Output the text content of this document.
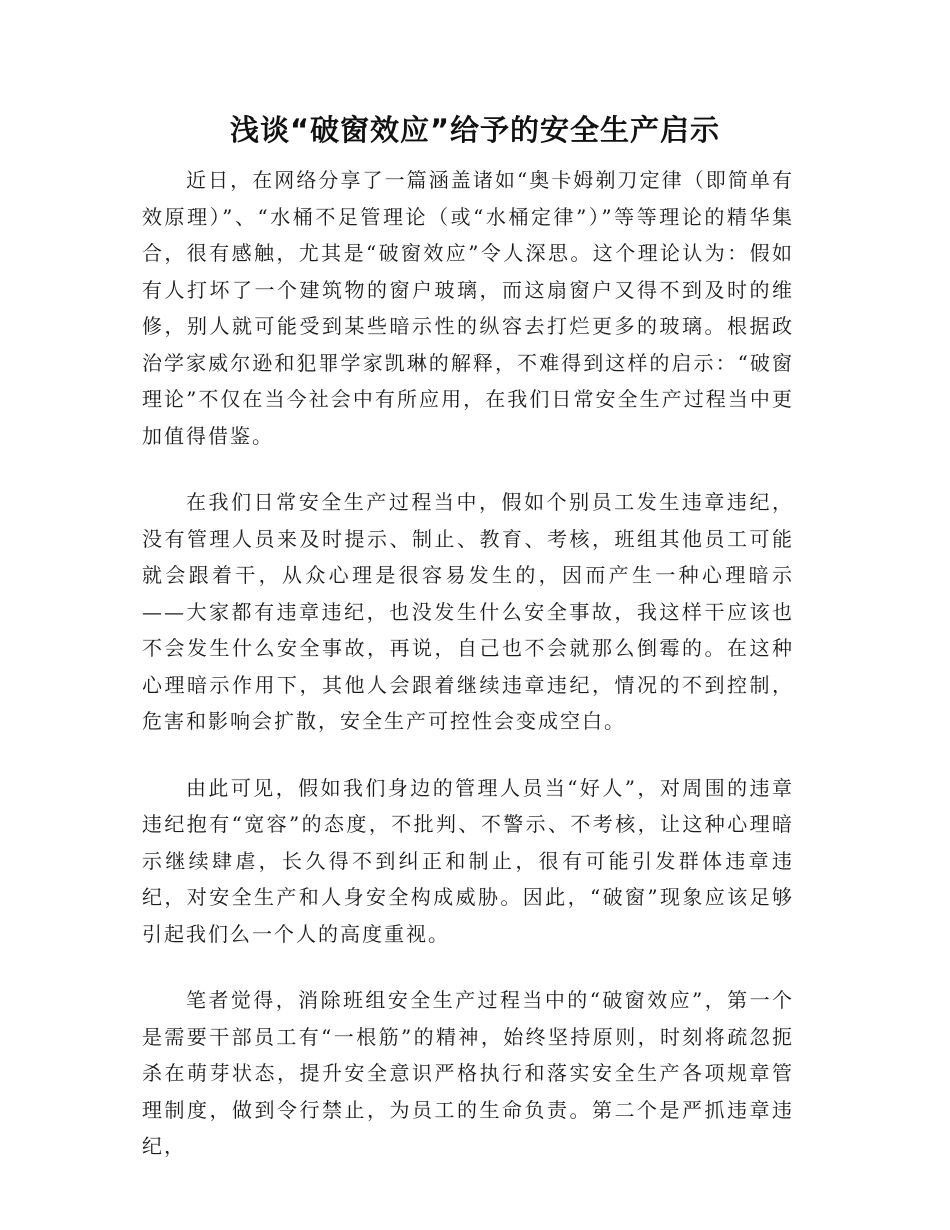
浅谈“破窗效应”给予的安全生产启示

近日，在网络分享了一篇涵盖诸如“奥卡姆剃刀定律（即简单有效原理）”、“水桶不足管理论（或“水桶定律”）”等等理论的精华集合，很有感触，尤其是“破窗效应”令人深思。这个理论认为：假如有人打坏了一个建筑物的窗户玻璃，而这扇窗户又得不到及时的维修，别人就可能受到某些暗示性的纵容去打烂更多的玻璃。根据政治学家威尔逊和犯罪学家凯琳的解释，不难得到这样的启示：“破窗理论”不仅在当今社会中有所应用，在我们日常安全生产过程当中更加值得借鉴。

在我们日常安全生产过程当中，假如个别员工发生违章违纪，没有管理人员来及时提示、制止、教育、考核，班组其他员工可能就会跟着干，从众心理是很容易发生的，因而产生一种心理暗示——大家都有违章违纪，也没发生什么安全事故，我这样干应该也不会发生什么安全事故，再说，自己也不会就那么倒霉的。在这种心理暗示作用下，其他人会跟着继续违章违纪，情况的不到控制，危害和影响会扩散，安全生产可控性会变成空白。

由此可见，假如我们身边的管理人员当“好人”，对周围的违章违纪抱有“宽容”的态度，不批判、不警示、不考核，让这种心理暗示继续肆虐，长久得不到纠正和制止，很有可能引发群体违章违纪，对安全生产和人身安全构成威胁。因此，“破窗”现象应该足够引起我们么一个人的高度重视。

笔者觉得，消除班组安全生产过程当中的“破窗效应”，第一个是需要干部员工有“一根筋”的精神，始终坚持原则，时刻将疏忽扼杀在萌芽状态，提升安全意识严格执行和落实安全生产各项规章管理制度，做到令行禁止，为员工的生命负责。第二个是严抓违章违纪，
